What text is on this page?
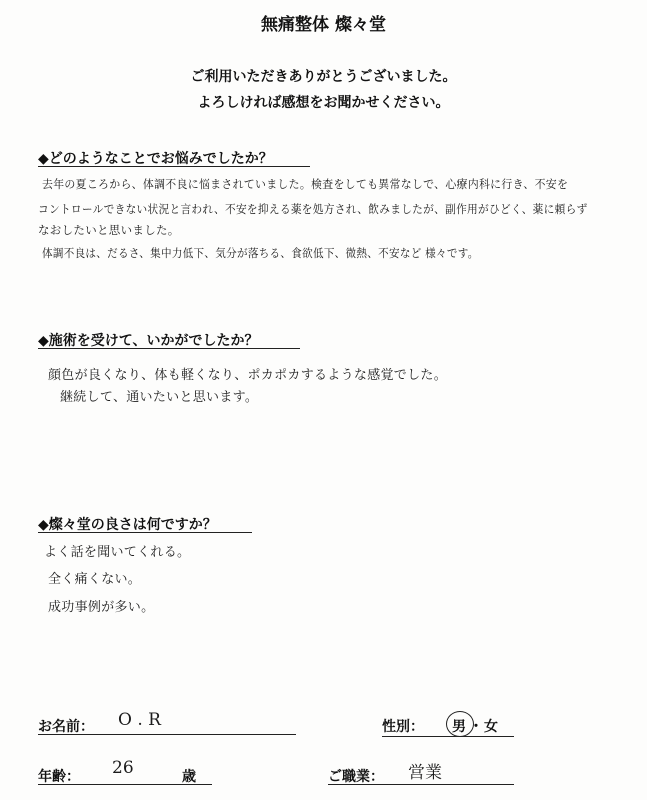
無痛整体 燦々堂
ご利用いただきありがとうございました。
よろしければ感想をお聞かせください。
◆どのようなことでお悩みでしたか？
去年の夏ころから、体調不良に悩まされていました。検査をしても異常なしで、心療内科に行き、不安を
コントロールできない状況と言われ、不安を抑える薬を処方され、飲みましたが、副作用がひどく、薬に頼らず
なおしたいと思いました。
体調不良は、だるさ、集中力低下、気分が落ちる、食欲低下、微熱、不安など 様々です。
◆施術を受けて、いかがでしたか？
顔色が良くなり、体も軽くなり、ポカポカするような感覚でした。
継続して、通いたいと思います。
◆燦々堂の良さは何ですか？
よく話を聞いてくれる。
全く痛くない。
成功事例が多い。
お名前： O . R	性別： 男 ・ 女
年齢： 26	歳	ご職業： 営業
